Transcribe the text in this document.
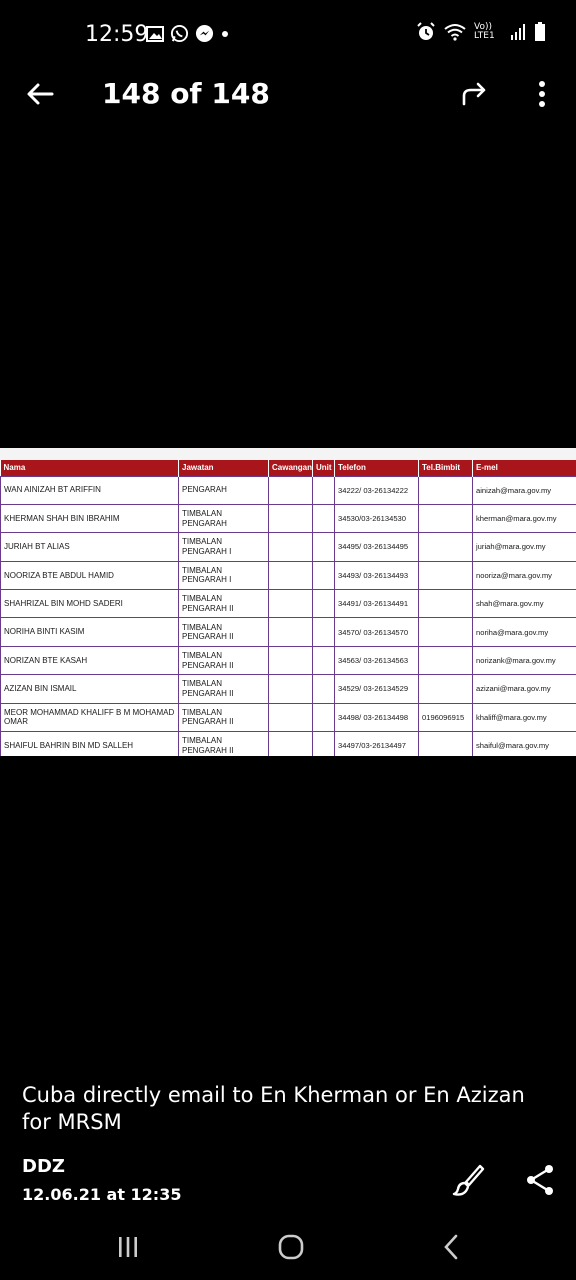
12:59	Vo)) LTE1
148 of 148
Nama	Jawatan	Cawangan	Unit	Telefon	Tel.Bimbit	E-mel
WAN AINIZAH BT ARIFFIN	PENGARAH			34222/ 03-26134222		ainizah@mara.gov.my
KHERMAN SHAH BIN IBRAHIM	TIMBALAN PENGARAH			34530/03-26134530		kherman@mara.gov.my
JURIAH BT ALIAS	TIMBALAN PENGARAH I			34495/ 03-26134495		juriah@mara.gov.my
NOORIZA BTE ABDUL HAMID	TIMBALAN PENGARAH I			34493/ 03-26134493		nooriza@mara.gov.my
SHAHRIZAL BIN MOHD SADERI	TIMBALAN PENGARAH II			34491/ 03-26134491		shah@mara.gov.my
NORIHA BINTI KASIM	TIMBALAN PENGARAH II			34570/ 03-26134570		noriha@mara.gov.my
NORIZAN BTE KASAH	TIMBALAN PENGARAH II			34563/ 03-26134563		norizank@mara.gov.my
AZIZAN BIN ISMAIL	TIMBALAN PENGARAH II			34529/ 03-26134529		azizani@mara.gov.my
MEOR MOHAMMAD KHALIFF B M MOHAMAD OMAR	TIMBALAN PENGARAH II			34498/ 03-26134498	0196096915	khaliff@mara.gov.my
SHAIFUL BAHRIN BIN MD SALLEH	TIMBALAN PENGARAH II			34497/03-26134497		shaiful@mara.gov.my
Cuba directly email to En Kherman or En Azizan for MRSM
DDZ
12.06.21 at 12:35
